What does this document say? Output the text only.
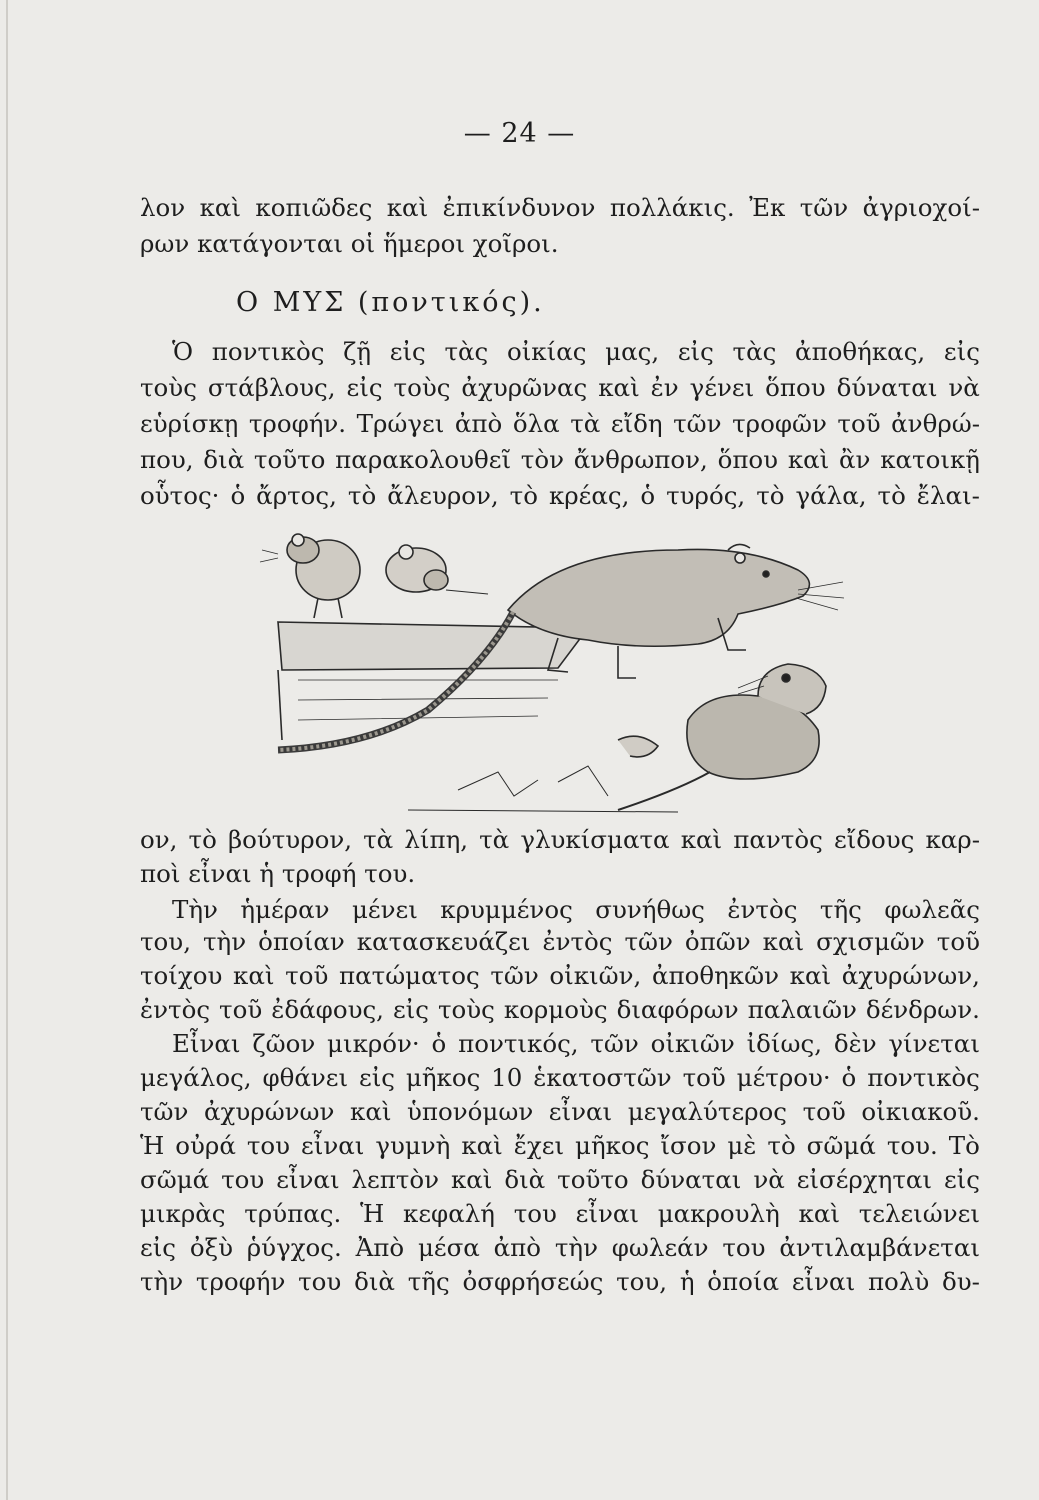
— 24 —
λον καὶ κοπιῶδες καὶ ἐπικίνδυνον πολλάκις. Ἐκ τῶν ἀγριοχοί-
ρων κατάγονται οἱ ἥμεροι χοῖροι.
Ὁ ποντικὸς ζῇ εἰς τὰς οἰκίας μας, εἰς τὰς ἀποθήκας, εἰς
τοὺς στάβλους, εἰς τοὺς ἀχυρῶνας καὶ ἐν γένει ὅπου δύναται νὰ
εὑρίσκῃ τροφήν. Τρώγει ἀπὸ ὅλα τὰ εἴδη τῶν τροφῶν τοῦ ἀνθρώ-
που, διὰ τοῦτο παρακολουθεῖ τὸν ἄνθρωπον, ὅπου καὶ ἂν κατοικῇ
οὗτος· ὁ ἄρτος, τὸ ἄλευρον, τὸ κρέας, ὁ τυρός, τὸ γάλα, τὸ ἔλαι-
ον, τὸ βούτυρον, τὰ λίπη, τὰ γλυκίσματα καὶ παντὸς εἴδους καρ-
ποὶ εἶναι ἡ τροφή του.
Τὴν ἡμέραν μένει κρυμμένος συνήθως ἐντὸς τῆς φωλεᾶς
του, τὴν ὁποίαν κατασκευάζει ἐντὸς τῶν ὀπῶν καὶ σχισμῶν τοῦ
τοίχου καὶ τοῦ πατώματος τῶν οἰκιῶν, ἀποθηκῶν καὶ ἀχυρώνων,
ἐντὸς τοῦ ἐδάφους, εἰς τοὺς κορμοὺς διαφόρων παλαιῶν δένδρων.
Εἶναι ζῶον μικρόν· ὁ ποντικός, τῶν οἰκιῶν ἰδίως, δὲν γίνεται
μεγάλος, φθάνει εἰς μῆκος 10 ἑκατοστῶν τοῦ μέτρου· ὁ ποντικὸς
τῶν ἀχυρώνων καὶ ὑπονόμων εἶναι μεγαλύτερος τοῦ οἰκιακοῦ.
Ἡ οὐρά του εἶναι γυμνὴ καὶ ἔχει μῆκος ἴσον μὲ τὸ σῶμά του. Τὸ
σῶμά του εἶναι λεπτὸν καὶ διὰ τοῦτο δύναται νὰ εἰσέρχηται εἰς
μικρὰς τρύπας. Ἡ κεφαλή του εἶναι μακρουλὴ καὶ τελειώνει
εἰς ὀξὺ ῥύγχος. Ἀπὸ μέσα ἀπὸ τὴν φωλεάν του ἀντιλαμβάνεται
τὴν τροφήν του διὰ τῆς ὀσφρήσεώς του, ἡ ὁποία εἶναι πολὺ δυ-
Ο ΜΥΣ (ποντικός).
